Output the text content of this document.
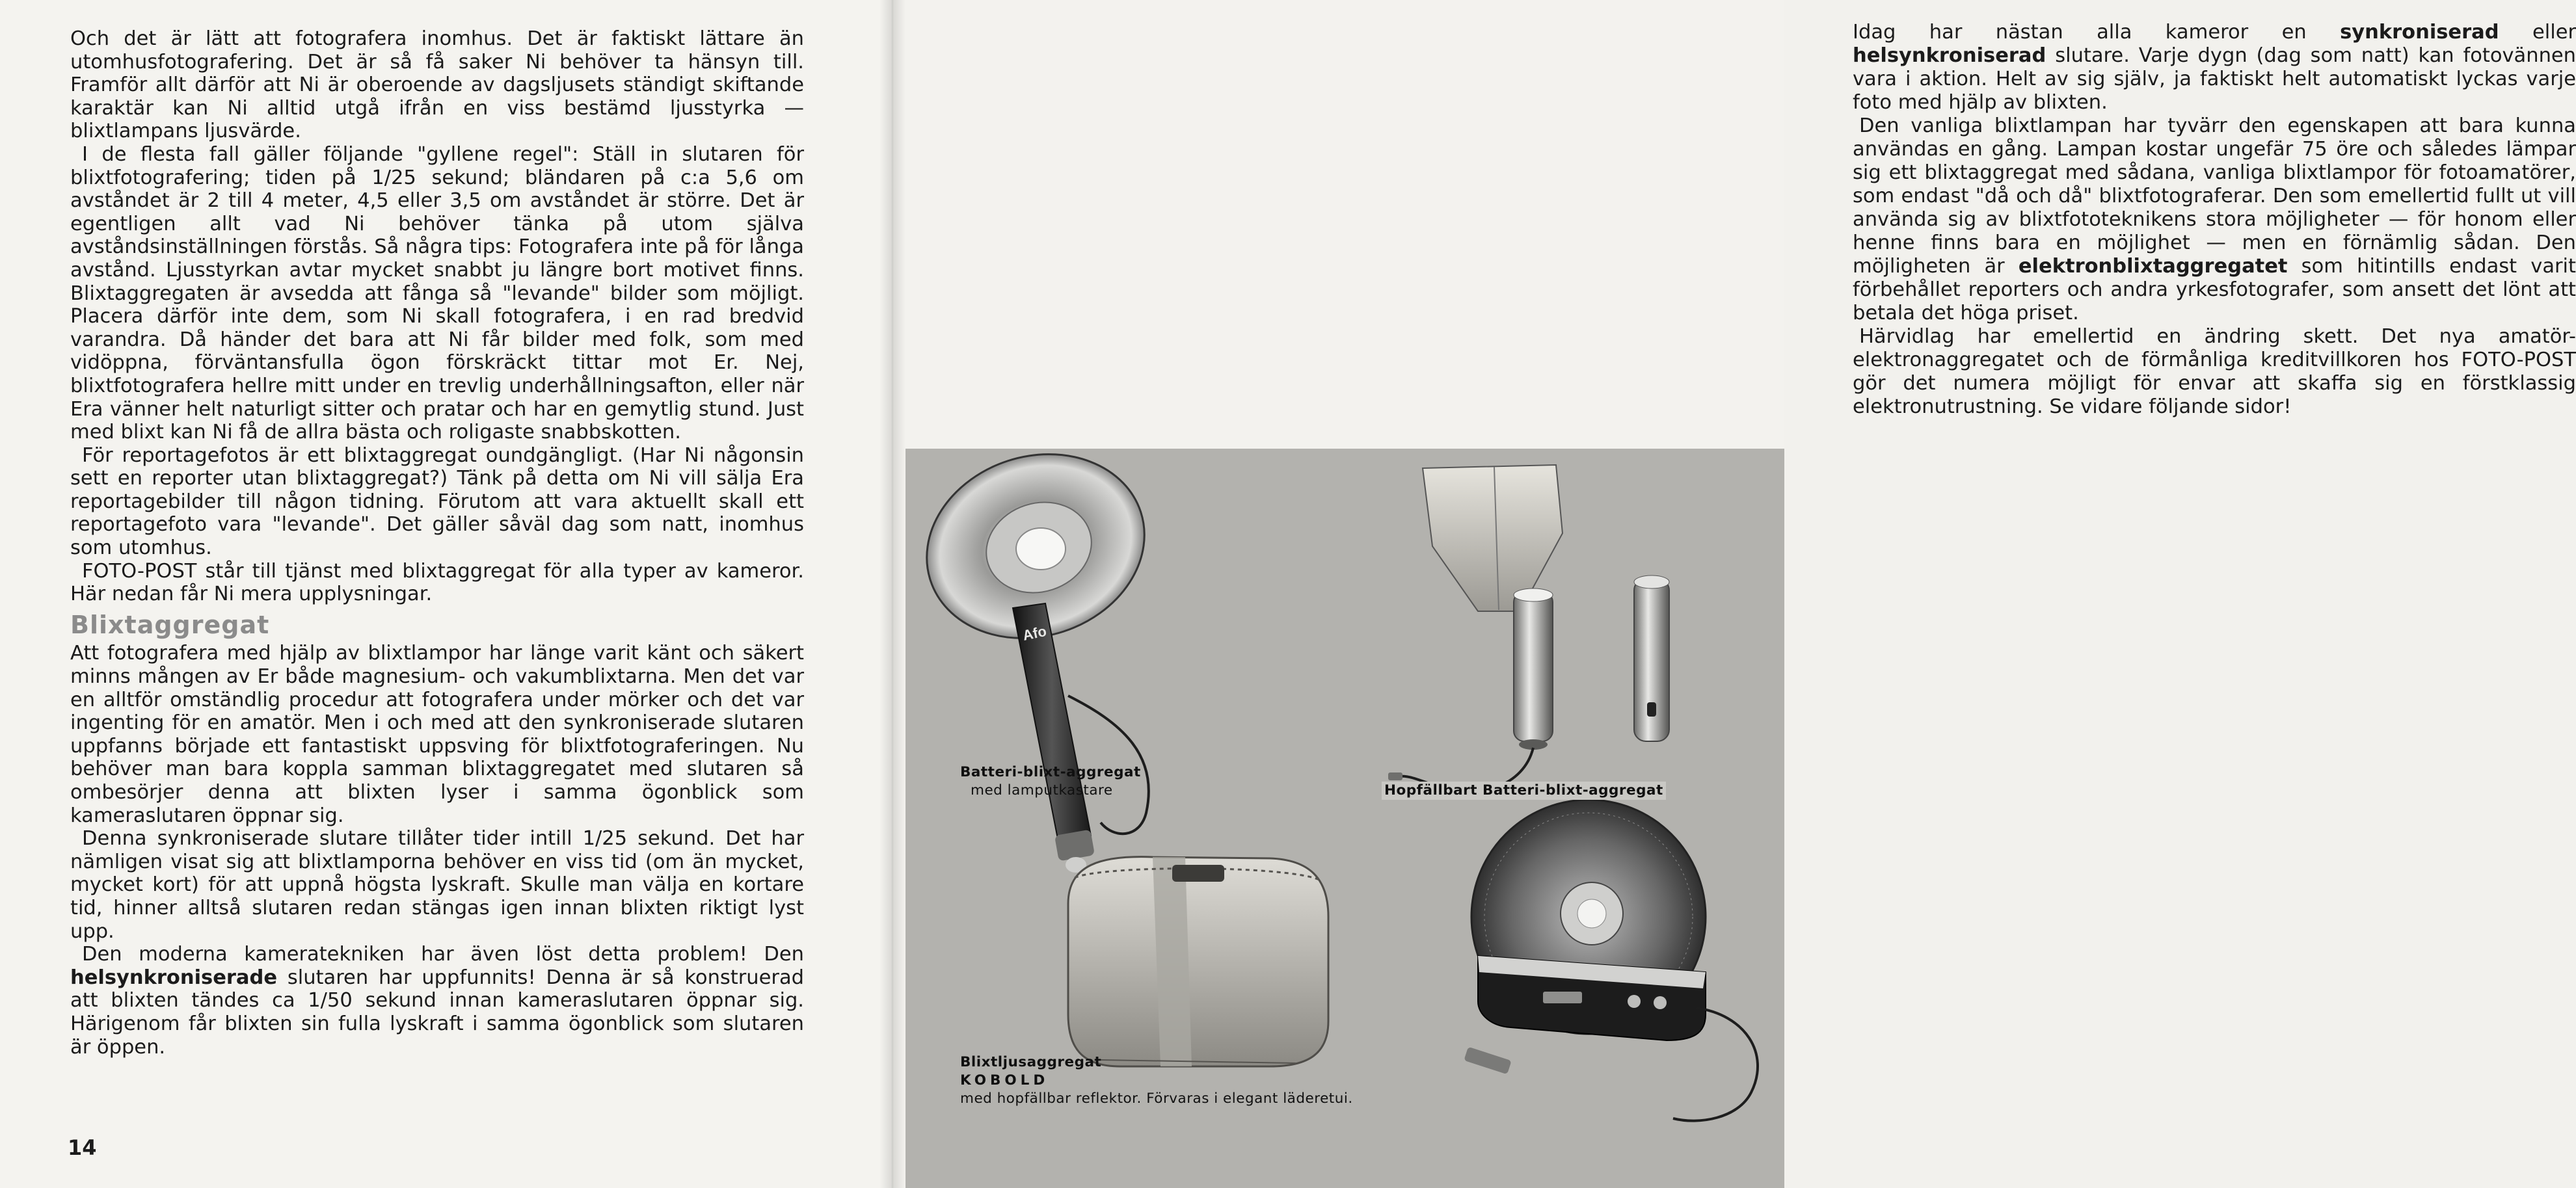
Och det är lätt att fotografera inomhus. Det är faktiskt lättare än utomhusfotografering. Det är så få saker Ni behöver ta hänsyn till. Framför allt därför att Ni är oberoende av dagsljusets ständigt skiftande karaktär kan Ni alltid utgå ifrån en viss bestämd ljusstyrka — blixtlampans ljusvärde.

I de flesta fall gäller följande "gyllene regel": Ställ in slutaren för blixtfotografering; tiden på 1/25 sekund; bländaren på c:a 5,6 om avståndet är 2 till 4 meter, 4,5 eller 3,5 om avståndet är större. Det är egentligen allt vad Ni behöver tänka på utom själva avståndsinställningen förstås. Så några tips: Fotografera inte på för långa avstånd. Ljusstyrkan avtar mycket snabbt ju längre bort motivet finns. Blixtaggregaten är avsedda att fånga så "levande" bilder som möjligt. Placera därför inte dem, som Ni skall fotografera, i en rad bredvid varandra. Då händer det bara att Ni får bilder med folk, som med vidöppna, förväntansfulla ögon förskräckt tittar mot Er. Nej, blixtfotografera hellre mitt under en trevlig underhållningsafton, eller när Era vänner helt naturligt sitter och pratar och har en gemytlig stund. Just med blixt kan Ni få de allra bästa och roligaste snabbskotten.

För reportagefotos är ett blixtaggregat oundgängligt. (Har Ni någonsin sett en reporter utan blixtaggregat?) Tänk på detta om Ni vill sälja Era reportagebilder till någon tidning. Förutom att vara aktuellt skall ett reportagefoto vara "levande". Det gäller såväl dag som natt, inomhus som utomhus.

FOTO-POST står till tjänst med blixtaggregat för alla typer av kameror. Här nedan får Ni mera upplysningar.

Blixtaggregat

Att fotografera med hjälp av blixtlampor har länge varit känt och säkert minns mången av Er både magnesium- och vakumblixtarna. Men det var en alltför omständlig procedur att fotografera under mörker och det var ingenting för en amatör. Men i och med att den synkroniserade slutaren uppfanns började ett fantastiskt uppsving för blixtfotograferingen. Nu behöver man bara koppla samman blixtaggregatet med slutaren så ombesörjer denna att blixten lyser i samma ögonblick som kameraslutaren öppnar sig.

Denna synkroniserade slutare tillåter tider intill 1/25 sekund. Det har nämligen visat sig att blixtlamporna behöver en viss tid (om än mycket, mycket kort) för att uppnå högsta lyskraft. Skulle man välja en kortare tid, hinner alltså slutaren redan stängas igen innan blixten riktigt lyst upp.

Den moderna kameratekniken har även löst detta problem! Den helsynkroniserade slutaren har uppfunnits! Denna är så konstruerad att blixten tändes ca 1/50 sekund innan kameraslutaren öppnar sig. Härigenom får blixten sin fulla lyskraft i samma ögonblick som slutaren är öppen.

14

Idag har nästan alla kameror en synkroniserad eller helsynkroniserad slutare. Varje dygn (dag som natt) kan fotovännen vara i aktion. Helt av sig själv, ja faktiskt helt automatiskt lyckas varje foto med hjälp av blixten.

Den vanliga blixtlampan har tyvärr den egenskapen att bara kunna användas en gång. Lampan kostar ungefär 75 öre och således lämpar sig ett blixtaggregat med sådana, vanliga blixtlampor för fotoamatörer, som endast "då och då" blixtfotograferar. Den som emellertid fullt ut vill använda sig av blixtfototeknikens stora möjligheter — för honom eller henne finns bara en möjlighet — men en förnämlig sådan. Den möjligheten är elektronblixtaggregatet som hitintills endast varit förbehållet reporters och andra yrkesfotografer, som ansett det lönt att betala det höga priset.

Härvidlag har emellertid en ändring skett. Det nya amatör-elektronaggregatet och de förmånliga kreditvillkoren hos FOTO-POST gör det numera möjligt för envar att skaffa sig en förstklassig elektronutrustning. Se vidare följande sidor!

Afo
Batteri-blixt-aggregat
med lamputkastare	Hopfällbart Batteri-blixt-aggregat
Blixtljusaggregat
KOBOLD
med hopfällbar reflektor. Förvaras i elegant läderetui.
